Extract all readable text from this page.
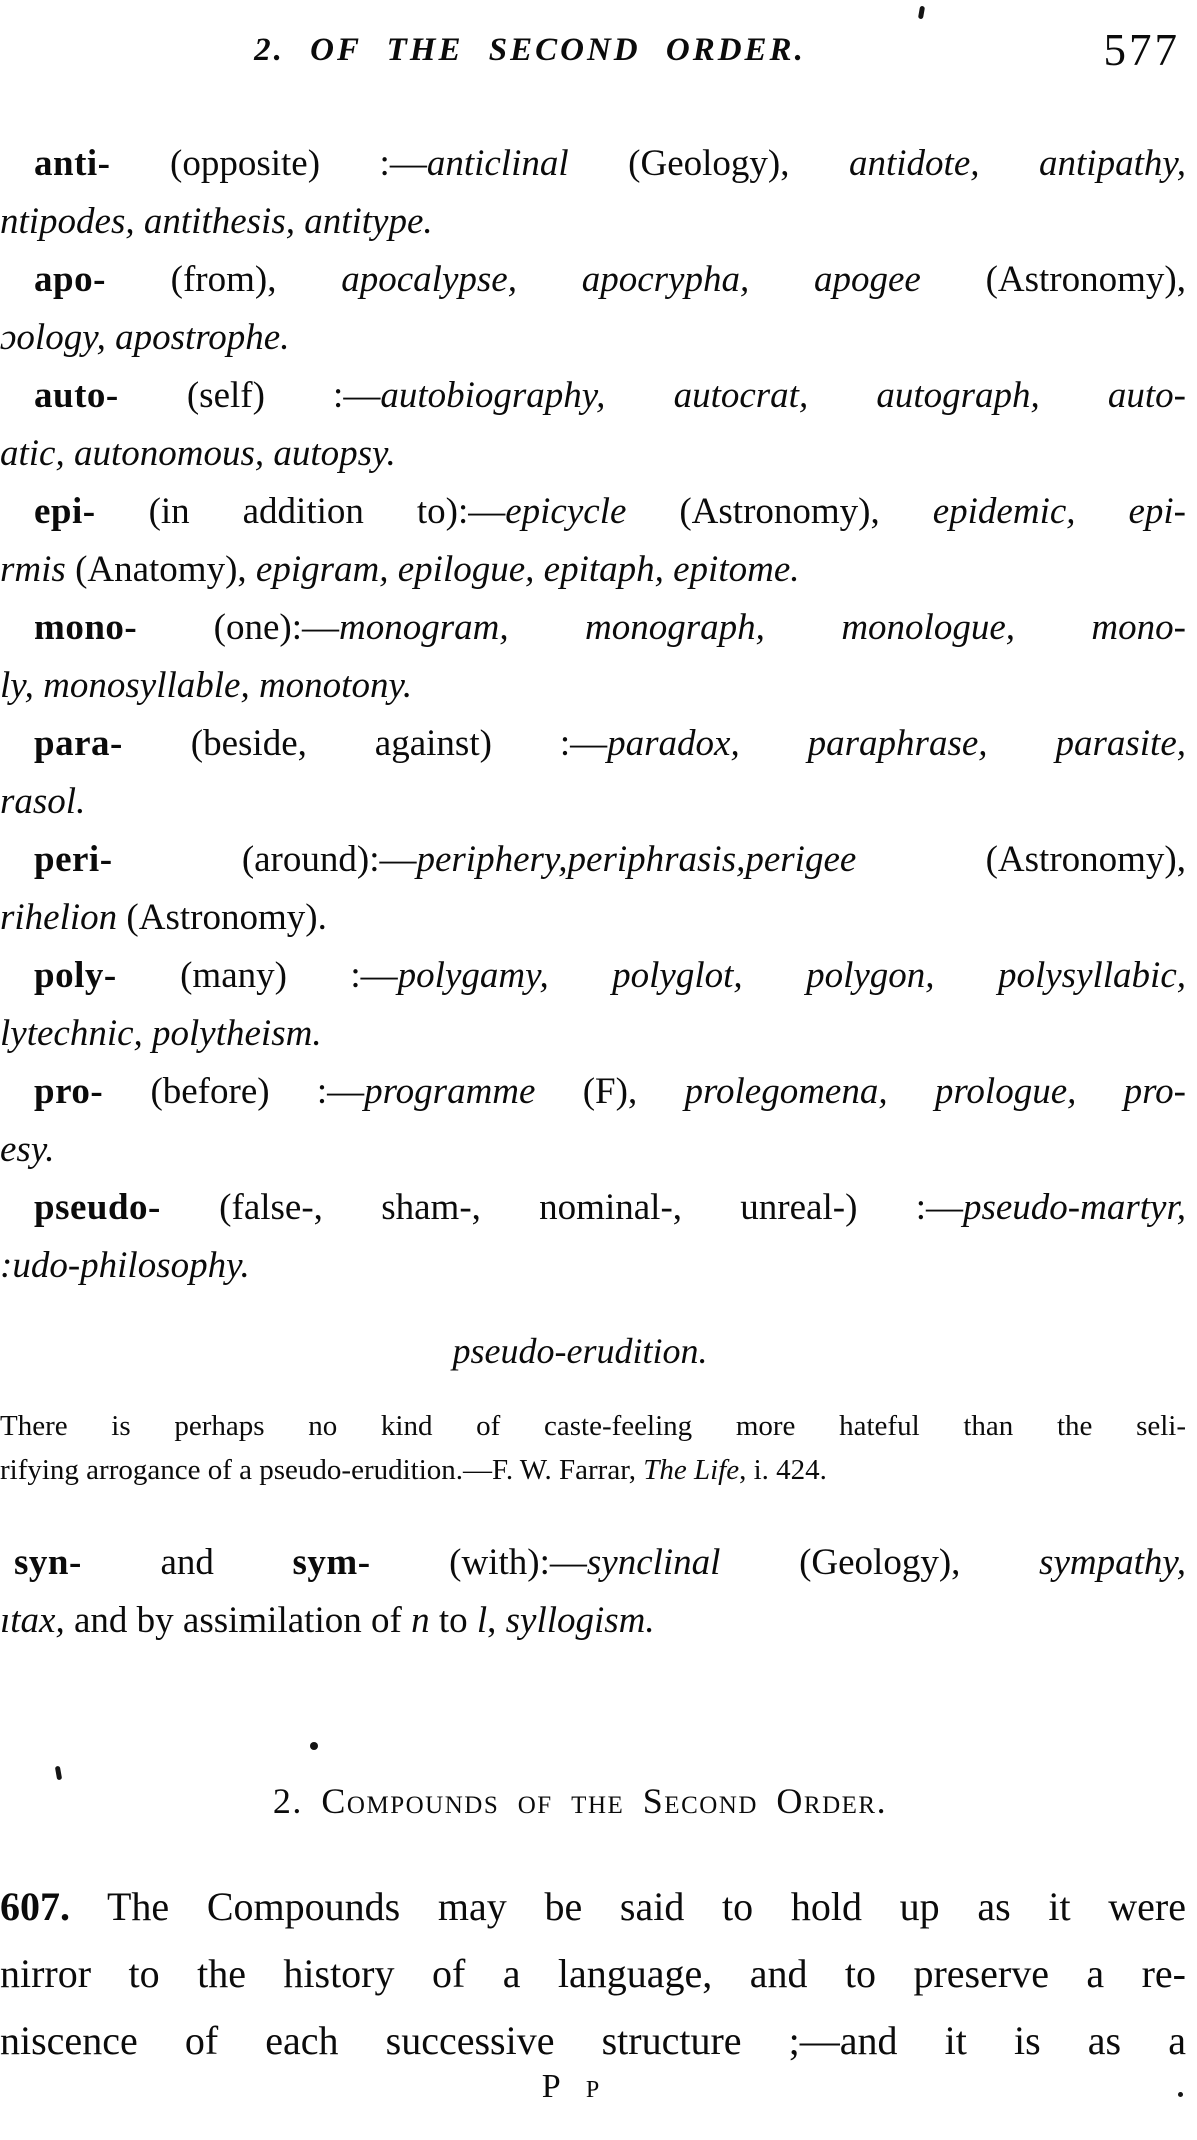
2. OF THE SECOND ORDER.	577
anti- (opposite) :—anticlinal (Geology), antidote, antipathy,
ntipodes, antithesis, antitype.
apo- (from), apocalypse, apocrypha, apogee (Astronomy),
ɔology, apostrophe.
auto- (self) :—autobiography, autocrat, autograph, auto-
atic, autonomous, autopsy.
epi- (in addition to):—epicycle (Astronomy), epidemic, epi-
rmis (Anatomy), epigram, epilogue, epitaph, epitome.
mono- (one):—monogram, monograph, monologue, mono-
ly, monosyllable, monotony.
para- (beside, against) :—paradox, paraphrase, parasite,
rasol.
peri- (around):—periphery,periphrasis,perigee (Astronomy),
rihelion (Astronomy).
poly- (many) :—polygamy, polyglot, polygon, polysyllabic,
lytechnic, polytheism.
pro- (before) :—programme (F), prolegomena, prologue, pro-
esy.
pseudo- (false-, sham-, nominal-, unreal-) :—pseudo-martyr,
:udo-philosophy.
pseudo-erudition.
There is perhaps no kind of caste-feeling more hateful than the seli-
rifying arrogance of a pseudo-erudition.—F. W. Farrar, The Life, i. 424.
syn- and sym- (with):—synclinal (Geology), sympathy,
ıtax, and by assimilation of n to l, syllogism.
2. Compounds of the Second Order.
607. The Compounds may be said to hold up as it were
nirror to the history of a language, and to preserve a re-
niscence of each successive structure ;—and it is as a
P p
